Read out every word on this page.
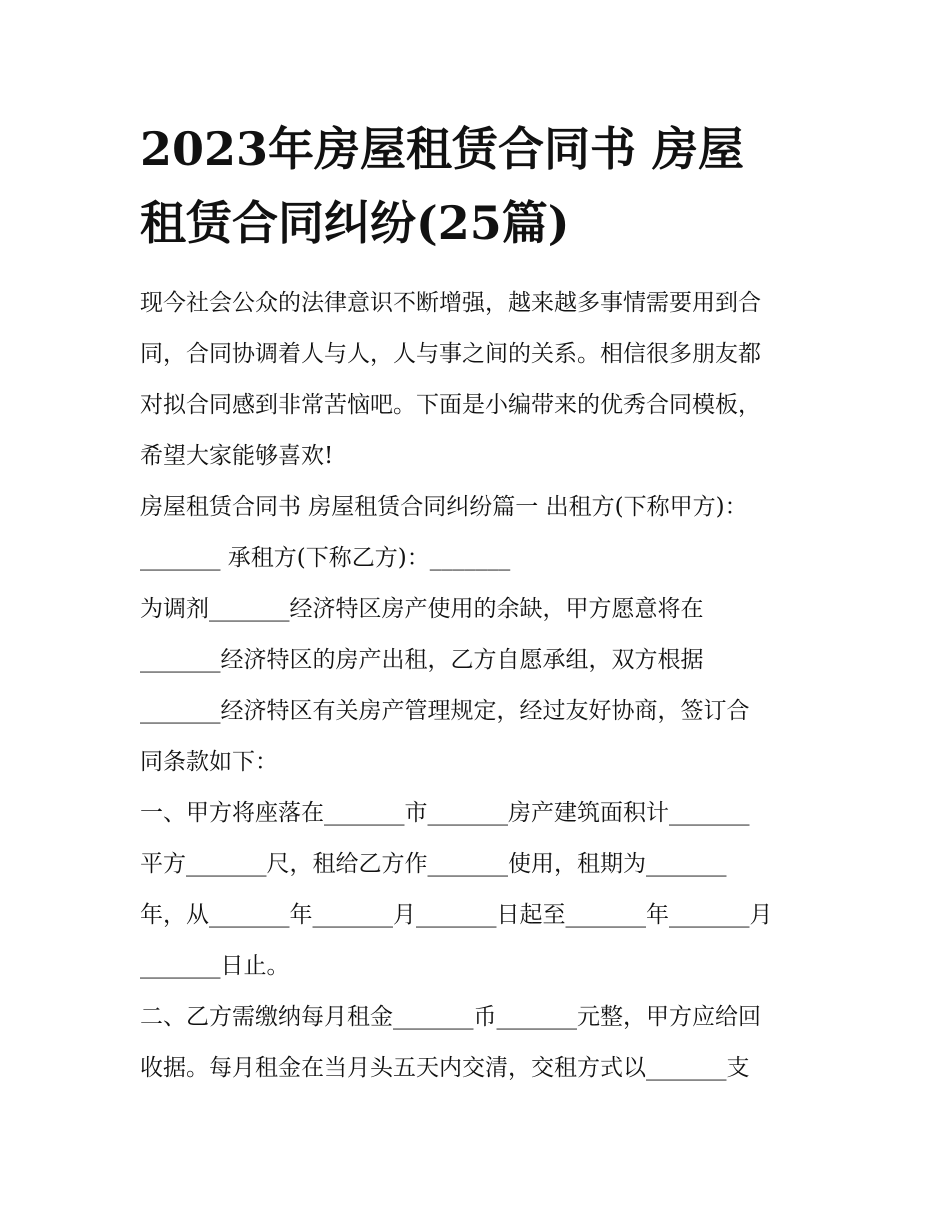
2023年房屋租赁合同书 房屋
租赁合同纠纷(25篇)
现今社会公众的法律意识不断增强，越来越多事情需要用到合
同，合同协调着人与人，人与事之间的关系。相信很多朋友都
对拟合同感到非常苦恼吧。下面是小编带来的优秀合同模板，
希望大家能够喜欢!
房屋租赁合同书 房屋租赁合同纠纷篇一 出租方(下称甲方)：
_______ 承租方(下称乙方)：_______
为调剂_______经济特区房产使用的余缺，甲方愿意将在
_______经济特区的房产出租，乙方自愿承组，双方根据
_______经济特区有关房产管理规定，经过友好协商，签订合
同条款如下：
一、甲方将座落在_______市_______房产建筑面积计_______
平方_______尺，租给乙方作_______使用，租期为_______
年，从_______年_______月_______日起至_______年_______月
_______日止。
二、乙方需缴纳每月租金_______币_______元整，甲方应给回
收据。每月租金在当月头五天内交清，交租方式以_______支
